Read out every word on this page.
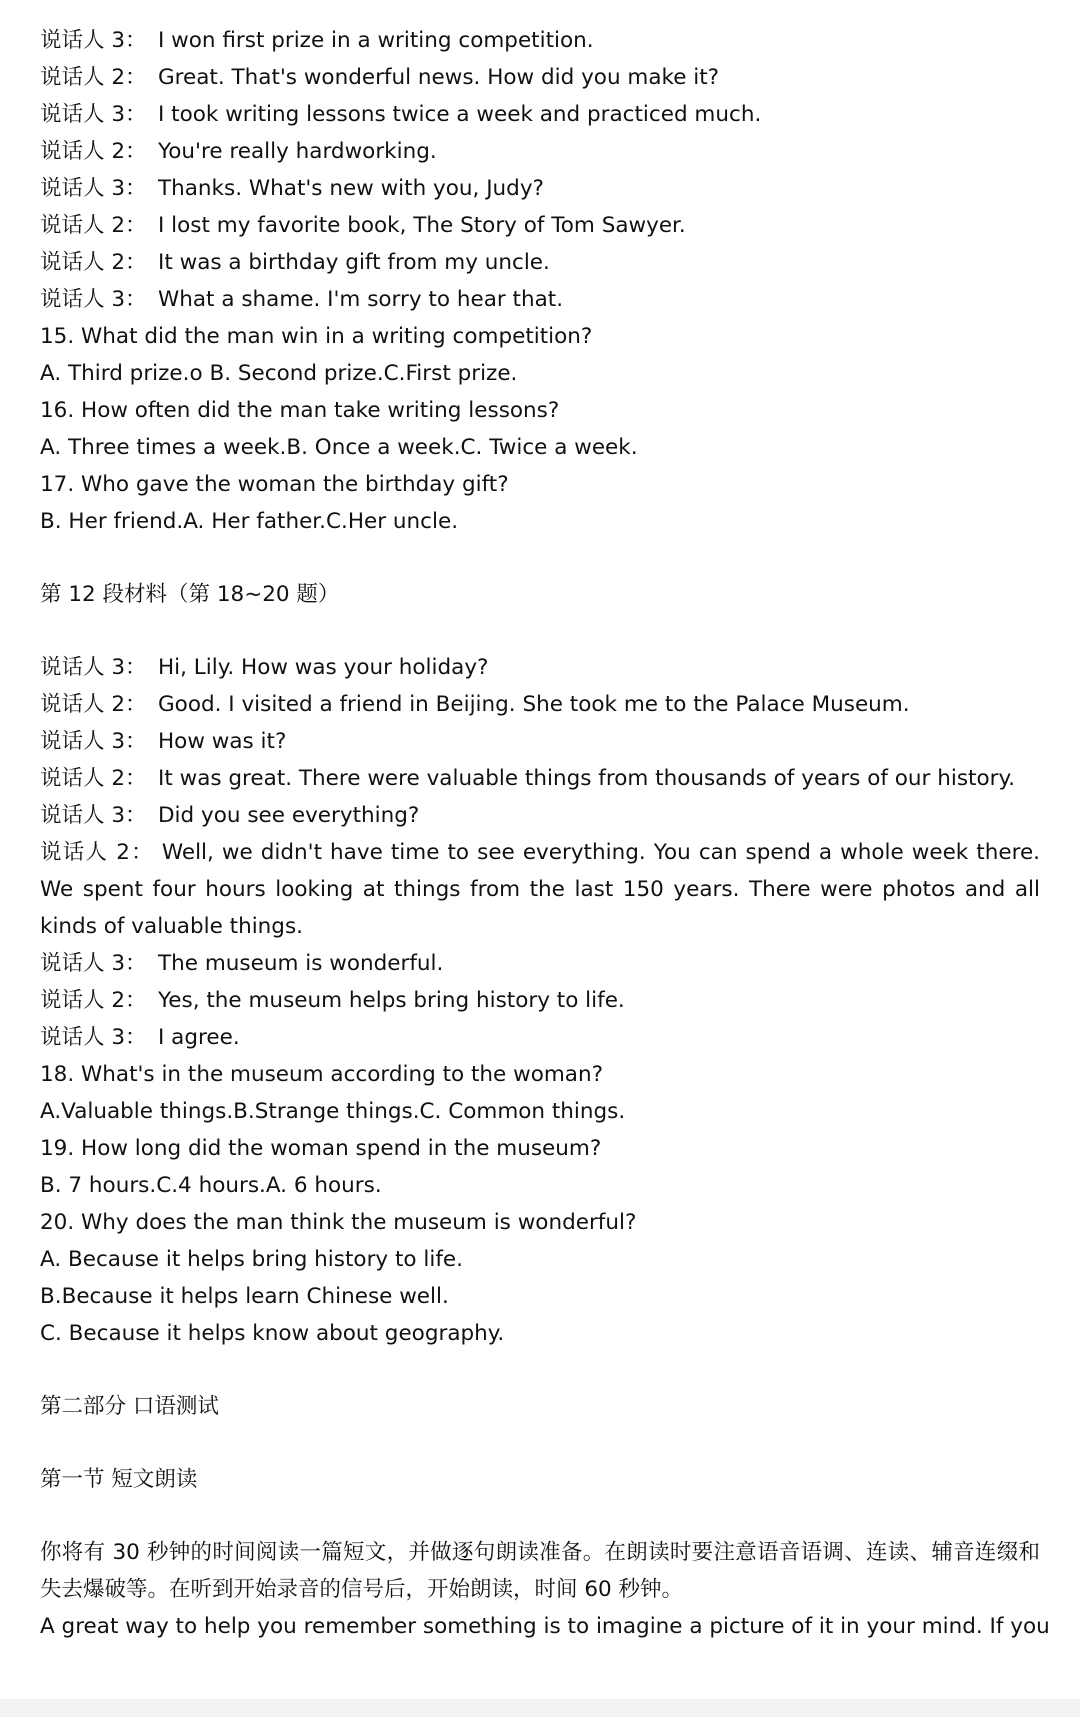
说话人 3： I won first prize in a writing competition.
说话人 2： Great. That's wonderful news. How did you make it?
说话人 3： I took writing lessons twice a week and practiced much.
说话人 2： You're really hardworking.
说话人 3： Thanks. What's new with you, Judy?
说话人 2： I lost my favorite book, The Story of Tom Sawyer.
说话人 2： It was a birthday gift from my uncle.
说话人 3： What a shame. I'm sorry to hear that.
15. What did the man win in a writing competition?
A. Third prize.o B. Second prize.C.First prize.
16. How often did the man take writing lessons?
A. Three times a week.B. Once a week.C. Twice a week.
17. Who gave the woman the birthday gift?
B. Her friend.A. Her father.C.Her uncle.
第 12 段材料（第 18~20 题）
说话人 3： Hi, Lily. How was your holiday?
说话人 2： Good. I visited a friend in Beijing. She took me to the Palace Museum.
说话人 3： How was it?
说话人 2： It was great. There were valuable things from thousands of years of our history.
说话人 3： Did you see everything?
说话人 2： Well, we didn't have time to see everything. You can spend a whole week there. We spent four hours looking at things from the last 150 years. There were photos and all kinds of valuable things.
说话人 3： The museum is wonderful.
说话人 2： Yes, the museum helps bring history to life.
说话人 3： I agree.
18. What's in the museum according to the woman?
A.Valuable things.B.Strange things.C. Common things.
19. How long did the woman spend in the museum?
B. 7 hours.C.4 hours.A. 6 hours.
20. Why does the man think the museum is wonderful?
A. Because it helps bring history to life.
B.Because it helps learn Chinese well.
C. Because it helps know about geography.
第二部分 口语测试
第一节 短文朗读
你将有 30 秒钟的时间阅读一篇短文，并做逐句朗读准备。在朗读时要注意语音语调、连读、辅音连缀和失去爆破等。在听到开始录音的信号后，开始朗读，时间 60 秒钟。
A great way to help you remember something is to imagine a picture of it in your mind. If you
